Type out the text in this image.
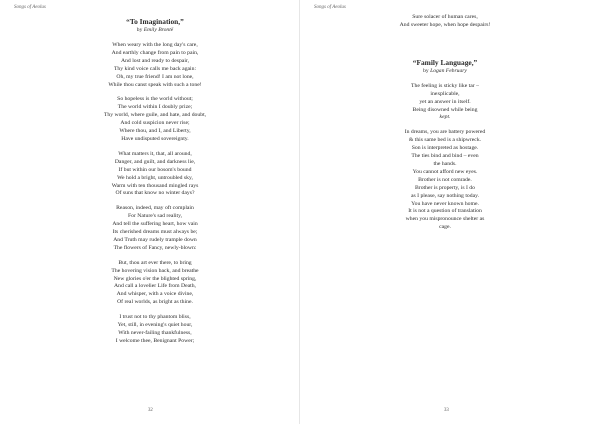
Songs of Aeolus

“To Imagination,”

by Emily Brontë

When weary with the long day's care,
And earthly change from pain to pain,
And lost and ready to despair,
Thy kind voice calls me back again:
Oh, my true friend! I am not lone,
While thou canst speak with such a tone!
So hopeless is the world without;
The world within I doubly prize;
Thy world, where guile, and hate, and doubt,
And cold suspicion never rise;
Where thou, and I, and Liberty,
Have undisputed sovereignty.
What matters it, that, all around,
Danger, and guilt, and darkness lie,
If but within our bosom's bound
We hold a bright, untroubled sky,
Warm with ten thousand mingled rays
Of suns that know no winter days?
Reason, indeed, may oft complain
For Nature's sad reality,
And tell the suffering heart, how vain
Its cherished dreams must always be;
And Truth may rudely trample down
The flowers of Fancy, newly-blown:
But, thou art ever there, to bring
The hovering vision back, and breathe
New glories o'er the blighted spring,
And call a lovelier Life from Death,
And whisper, with a voice divine,
Of real worlds, as bright as thine.
I trust not to thy phantom bliss,
Yet, still, in evening's quiet hour,
With never-failing thankfulness,
I welcome thee, Benignant Power;
32
Songs of Aeolus
Sure solacer of human cares,
And sweeter hope, when hope despairs!

“Family Language,”

by Logan February

The feeling is sticky like tar –
inexplicable,
yet an answer in itself.
Being disowned while being
kept.
In dreams, you are battery powered
& this same bed is a shipwreck.
Son is interpreted as hostage.
The ties bind and bind – even
the hands.
You cannot afford new eyes.
Brother is not comrade.
Brother is property, is I do
as I please, say nothing today.
You have never known home.
It is not a question of translation
when you mispronounce shelter as
cage.
33
